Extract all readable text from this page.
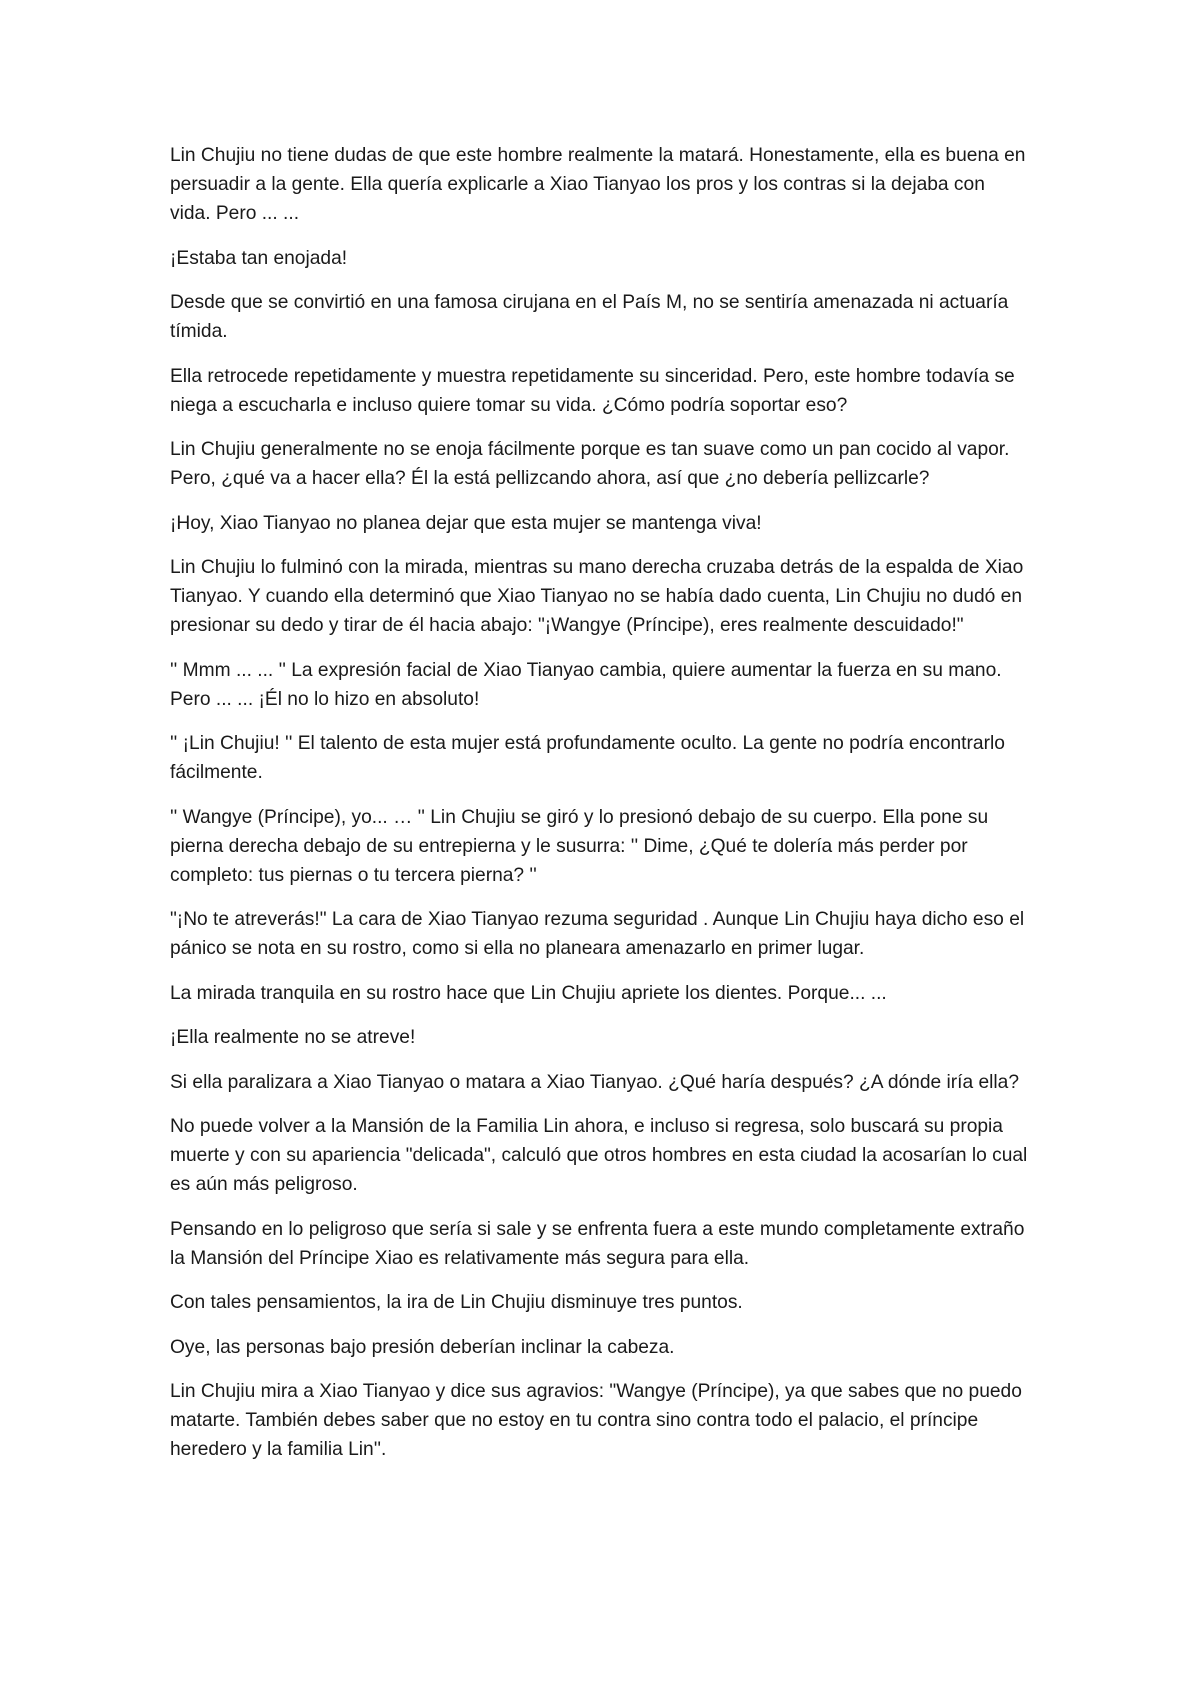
Lin Chujiu no tiene dudas de que este hombre realmente la matará. Honestamente, ella es buena en persuadir a la gente. Ella quería explicarle a Xiao Tianyao los pros y los contras si la dejaba con vida. Pero ... ...

¡Estaba tan enojada!

Desde que se convirtió en una famosa cirujana en el País M, no se sentiría amenazada ni actuaría tímida.

Ella retrocede repetidamente y muestra repetidamente su sinceridad. Pero, este hombre todavía se niega a escucharla e incluso quiere tomar su vida. ¿Cómo podría soportar eso?

Lin Chujiu generalmente no se enoja fácilmente porque es tan suave como un pan cocido al vapor. Pero, ¿qué va a hacer ella? Él la está pellizcando ahora, así que ¿no debería pellizcarle?

¡Hoy, Xiao Tianyao no planea dejar que esta mujer se mantenga viva!

Lin Chujiu lo fulminó con la mirada, mientras su mano derecha cruzaba detrás de la espalda de Xiao Tianyao. Y cuando ella determinó que Xiao Tianyao no se había dado cuenta, Lin Chujiu no dudó en presionar su dedo y tirar de él hacia abajo: "¡Wangye (Príncipe), eres realmente descuidado!"

'' Mmm ... ... '' La expresión facial de Xiao Tianyao cambia, quiere aumentar la fuerza en su mano. Pero ... ... ¡Él no lo hizo en absoluto!

'' ¡Lin Chujiu! '' El talento de esta mujer está profundamente oculto. La gente no podría encontrarlo fácilmente.

'' Wangye (Príncipe), yo... … '' Lin Chujiu se giró y lo presionó debajo de su cuerpo. Ella pone su pierna derecha debajo de su entrepierna y le susurra: '' Dime, ¿Qué te dolería más perder por completo: tus piernas o tu tercera pierna? ''

"¡No te atreverás!" La cara de Xiao Tianyao rezuma seguridad . Aunque Lin Chujiu haya dicho eso el pánico se nota en su rostro, como si ella no planeara amenazarlo en primer lugar.

La mirada tranquila en su rostro hace que Lin Chujiu apriete los dientes. Porque... ...

¡Ella realmente no se atreve!

Si ella paralizara a Xiao Tianyao o matara a Xiao Tianyao. ¿Qué haría después? ¿A dónde iría ella?

No puede volver a la Mansión de la Familia Lin ahora, e incluso si regresa, solo buscará su propia muerte y con su apariencia "delicada", calculó que otros hombres en esta ciudad la acosarían lo cual es aún más peligroso.

Pensando en lo peligroso que sería si sale y se enfrenta fuera a este mundo completamente extraño la Mansión del Príncipe Xiao es relativamente más segura para ella.

Con tales pensamientos, la ira de Lin Chujiu disminuye tres puntos.

Oye, las personas bajo presión deberían inclinar la cabeza.

Lin Chujiu mira a Xiao Tianyao y dice sus agravios: "Wangye (Príncipe), ya que sabes que no puedo matarte. También debes saber que no estoy en tu contra sino contra todo el palacio, el príncipe heredero y la familia Lin''.
